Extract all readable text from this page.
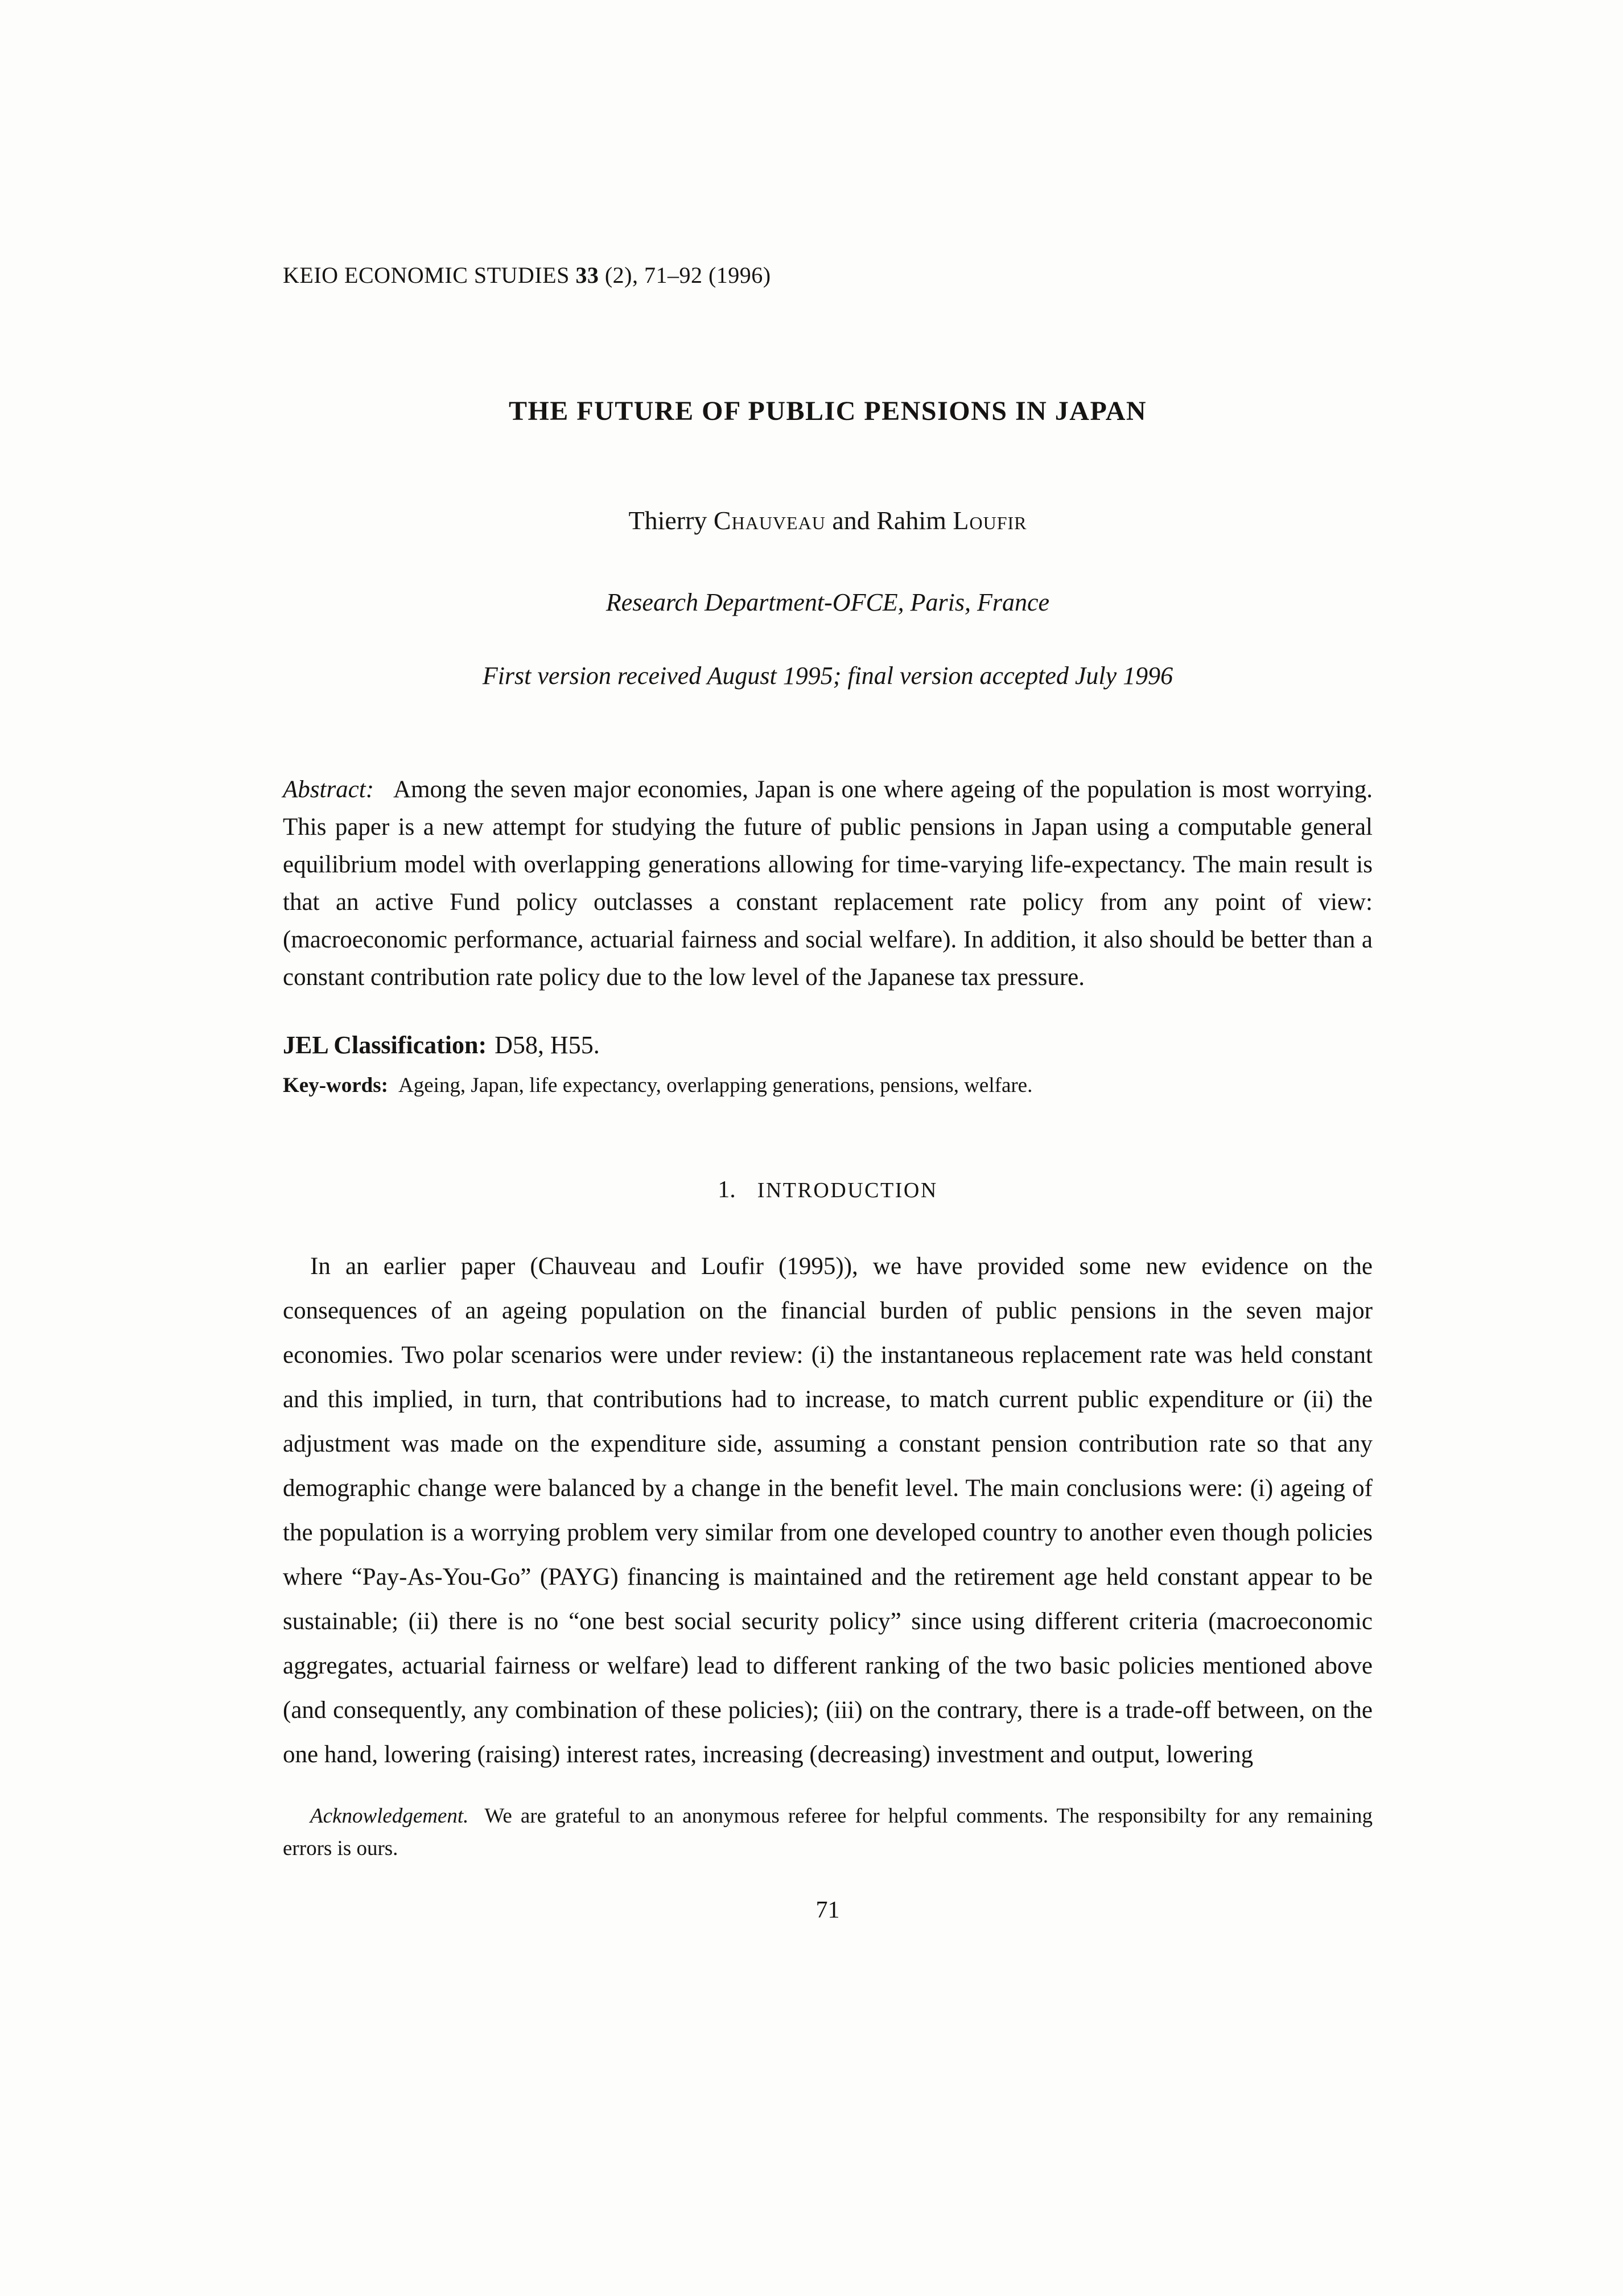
KEIO ECONOMIC STUDIES 33 (2), 71–92 (1996)
THE FUTURE OF PUBLIC PENSIONS IN JAPAN
Thierry Chauveau and Rahim Loufir
Research Department-OFCE, Paris, France
First version received August 1995; final version accepted July 1996

Abstract: Among the seven major economies, Japan is one where ageing of the population is most worrying. This paper is a new attempt for studying the future of public pensions in Japan using a computable general equilibrium model with overlapping generations allowing for time-varying life-expectancy. The main result is that an active Fund policy outclasses a constant replacement rate policy from any point of view: (macroeconomic performance, actuarial fairness and social welfare). In addition, it also should be better than a constant contribution rate policy due to the low level of the Japanese tax pressure.

JEL Classification: D58, H55.
Key-words: Ageing, Japan, life expectancy, overlapping generations, pensions, welfare.
1. INTRODUCTION

In an earlier paper (Chauveau and Loufir (1995)), we have provided some new evidence on the consequences of an ageing population on the financial burden of public pensions in the seven major economies. Two polar scenarios were under review: (i) the instantaneous replacement rate was held constant and this implied, in turn, that contributions had to increase, to match current public expenditure or (ii) the adjustment was made on the expenditure side, assuming a constant pension contribution rate so that any demographic change were balanced by a change in the benefit level. The main conclusions were: (i) ageing of the population is a worrying problem very similar from one developed country to another even though policies where “Pay-As-You-Go” (PAYG) financing is maintained and the retirement age held constant appear to be sustainable; (ii) there is no “one best social security policy” since using different criteria (macroeconomic aggregates, actuarial fairness or welfare) lead to different ranking of the two basic policies mentioned above (and consequently, any combination of these policies); (iii) on the contrary, there is a trade-off between, on the one hand, lowering (raising) interest rates, increasing (decreasing) investment and output, lowering

Acknowledgement. We are grateful to an anonymous referee for helpful comments. The responsibilty for any remaining errors is ours.

71
